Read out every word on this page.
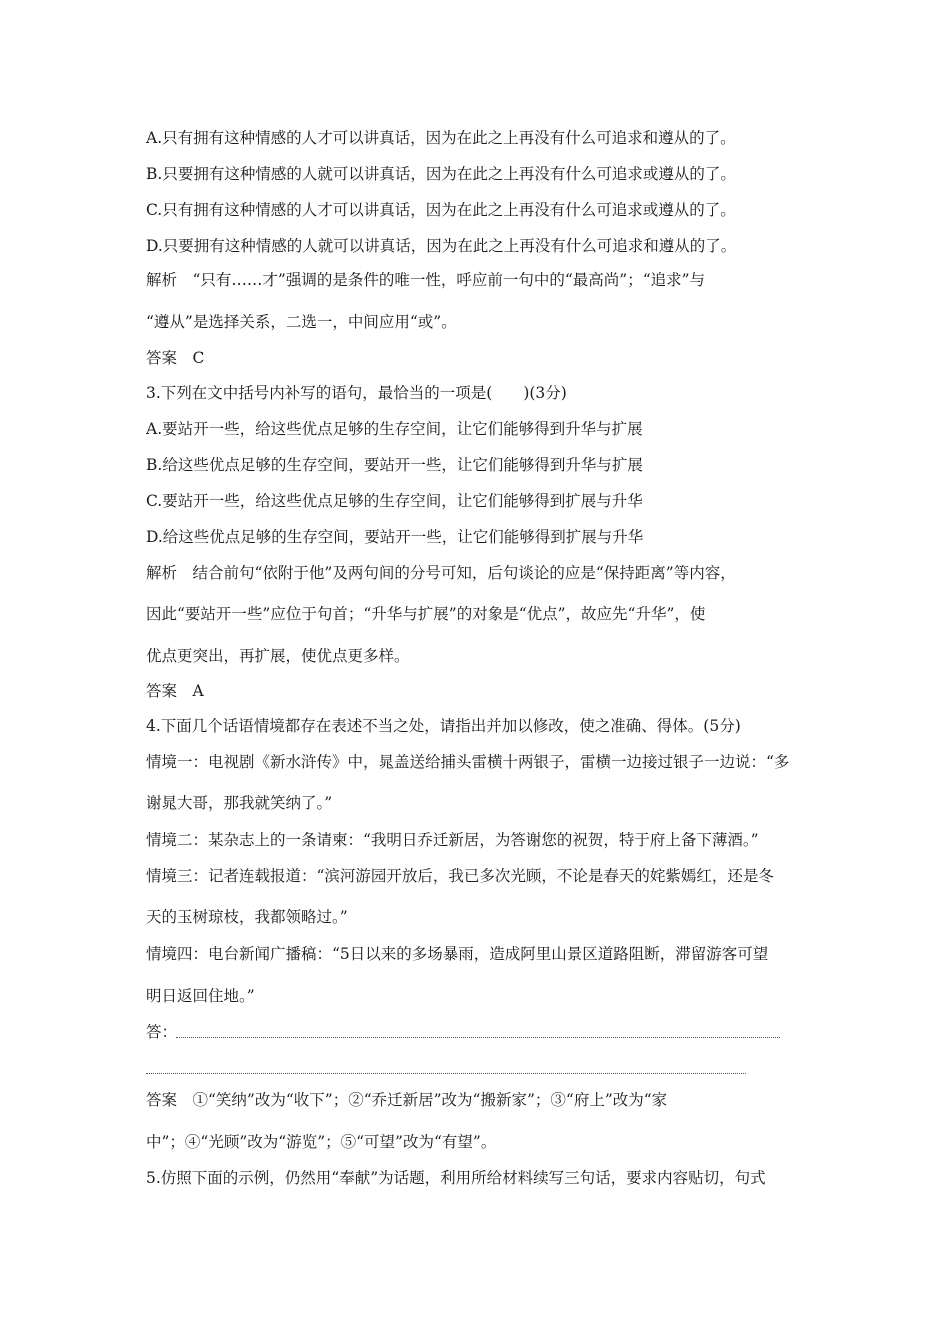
A.只有拥有这种情感的人才可以讲真话，因为在此之上再没有什么可追求和遵从的了。
B.只要拥有这种情感的人就可以讲真话，因为在此之上再没有什么可追求或遵从的了。
C.只有拥有这种情感的人才可以讲真话，因为在此之上再没有什么可追求或遵从的了。
D.只要拥有这种情感的人就可以讲真话，因为在此之上再没有什么可追求和遵从的了。
解析　“只有……才”强调的是条件的唯一性，呼应前一句中的“最高尚”；“追求”与
“遵从”是选择关系，二选一，中间应用“或”。
答案　C
3.下列在文中括号内补写的语句，最恰当的一项是(　　)(3分)
A.要站开一些，给这些优点足够的生存空间，让它们能够得到升华与扩展
B.给这些优点足够的生存空间，要站开一些，让它们能够得到升华与扩展
C.要站开一些，给这些优点足够的生存空间，让它们能够得到扩展与升华
D.给这些优点足够的生存空间，要站开一些，让它们能够得到扩展与升华
解析　结合前句“依附于他”及两句间的分号可知，后句谈论的应是“保持距离”等内容，
因此“要站开一些”应位于句首；“升华与扩展”的对象是“优点”，故应先“升华”，使
优点更突出，再扩展，使优点更多样。
答案　A
4.下面几个话语情境都存在表述不当之处，请指出并加以修改，使之准确、得体。(5分)
情境一：电视剧《新水浒传》中，晁盖送给捕头雷横十两银子，雷横一边接过银子一边说：“多
谢晁大哥，那我就笑纳了。”
情境二：某杂志上的一条请柬：“我明日乔迁新居，为答谢您的祝贺，特于府上备下薄酒。”
情境三：记者连载报道：“滨河游园开放后，我已多次光顾，不论是春天的姹紫嫣红，还是冬
天的玉树琼枝，我都领略过。”
情境四：电台新闻广播稿：“5日以来的多场暴雨，造成阿里山景区道路阻断，滞留游客可望
明日返回住地。”
答：
答案　①“笑纳”改为“收下”；②“乔迁新居”改为“搬新家”；③“府上”改为“家
中”；④“光顾”改为“游览”；⑤“可望”改为“有望”。
5.仿照下面的示例，仍然用“奉献”为话题，利用所给材料续写三句话，要求内容贴切，句式
